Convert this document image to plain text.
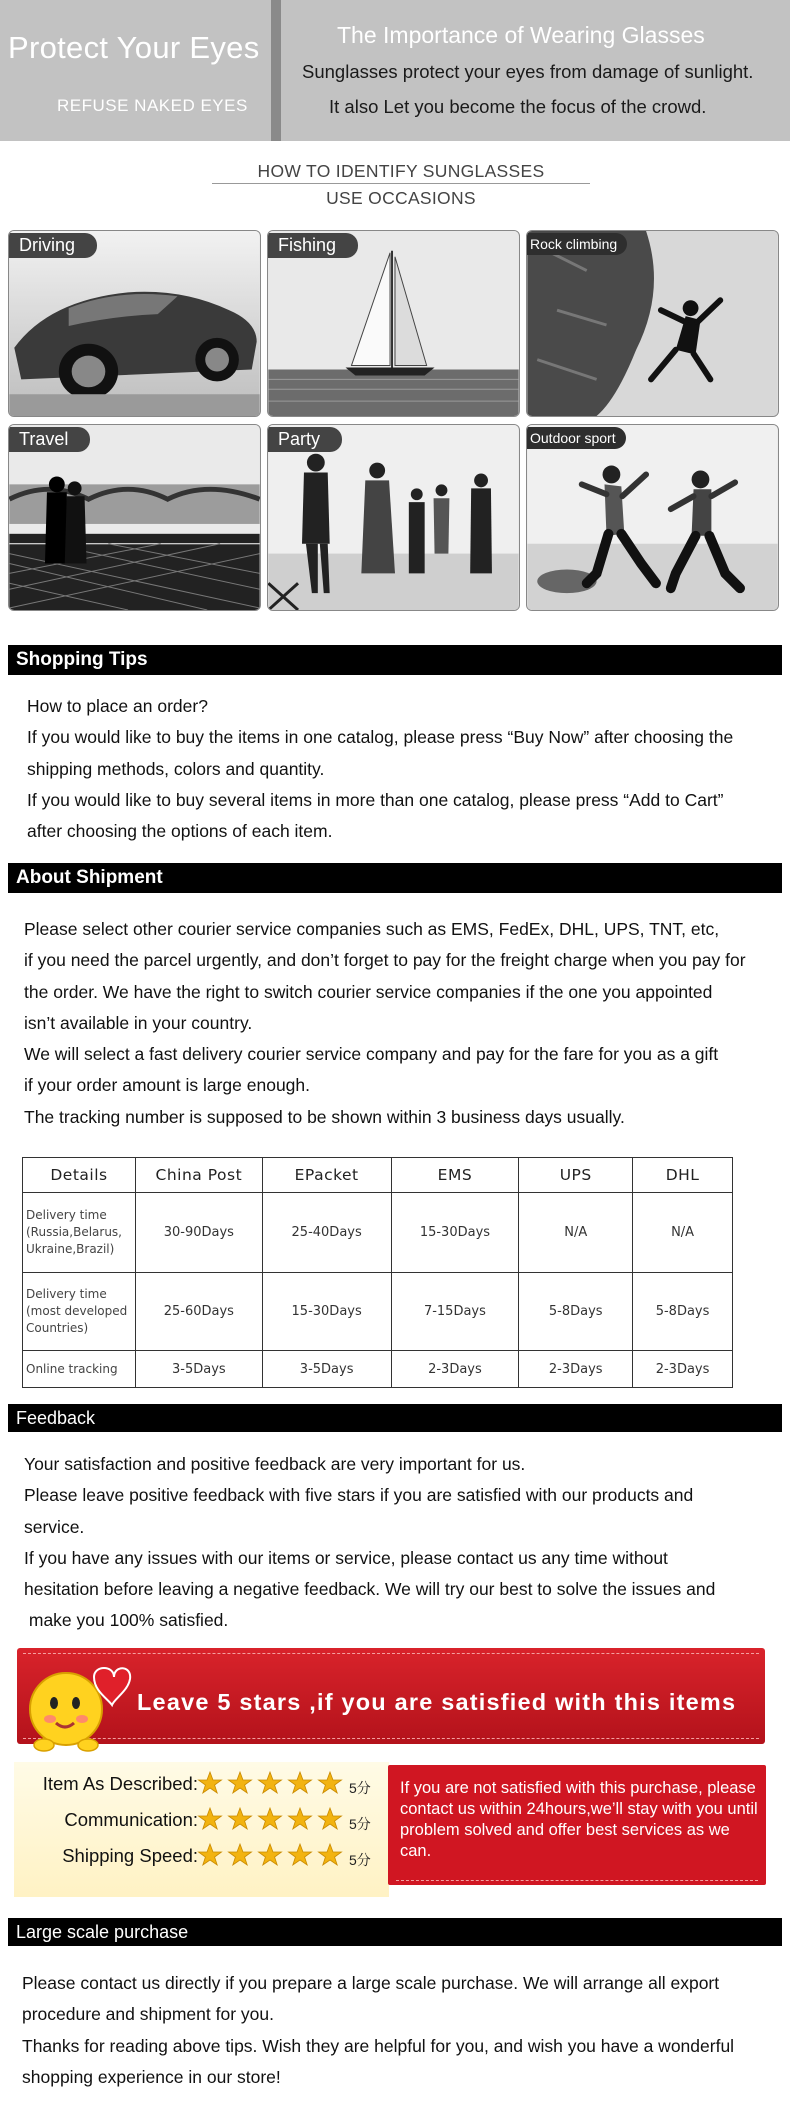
Protect Your Eyes
REFUSE NAKED EYES
The Importance of Wearing Glasses
Sunglasses protect your eyes from damage of sunlight.
It also Let you become the focus of the crowd.
HOW TO IDENTIFY SUNGLASSES
USE OCCASIONS
Driving	Fishing	Rock climbing
Travel	Party	Outdoor sport
Shopping Tips
How to place an order?
If you would like to buy the items in one catalog, please press “Buy Now” after choosing the
shipping methods, colors and quantity.
If you would like to buy several items in more than one catalog, please press “Add to Cart”
after choosing the options of each item.
About Shipment
Please select other courier service companies such as EMS, FedEx, DHL, UPS, TNT, etc,
if you need the parcel urgently, and don’t forget to pay for the freight charge when you pay for
the order. We have the right to switch courier service companies if the one you appointed
isn’t available in your country.
We will select a fast delivery courier service company and pay for the fare for you as a gift
if your order amount is large enough.
The tracking number is supposed to be shown within 3 business days usually.
Details	China Post	EPacket	EMS	UPS	DHL

Delivery time
(Russia,Belarus,
Ukraine,Brazil)	30-90Days	25-40Days	15-30Days	N/A	N/A

Delivery time
(most developed
Countries)	25-60Days	15-30Days	7-15Days	5-8Days	5-8Days
Online tracking	3-5Days	3-5Days	2-3Days	2-3Days	2-3Days
Feedback
Your satisfaction and positive feedback are very important for us.
Please leave positive feedback with five stars if you are satisfied with our products and
service.
If you have any issues with our items or service, please contact us any time without
hesitation before leaving a negative feedback. We will try our best to solve the issues and
make you 100% satisfied.
Leave 5 stars ,if you are satisfied with this items
Item As Described:	5分
Communication:	5分
Shipping Speed:	5分
If you are not satisfied with this purchase, please contact us within 24hours,we’ll stay with you until problem solved and offer best services as we can.
Large scale purchase
Please contact us directly if you prepare a large scale purchase. We will arrange all export
procedure and shipment for you.
Thanks for reading above tips. Wish they are helpful for you, and wish you have a wonderful
shopping experience in our store!
